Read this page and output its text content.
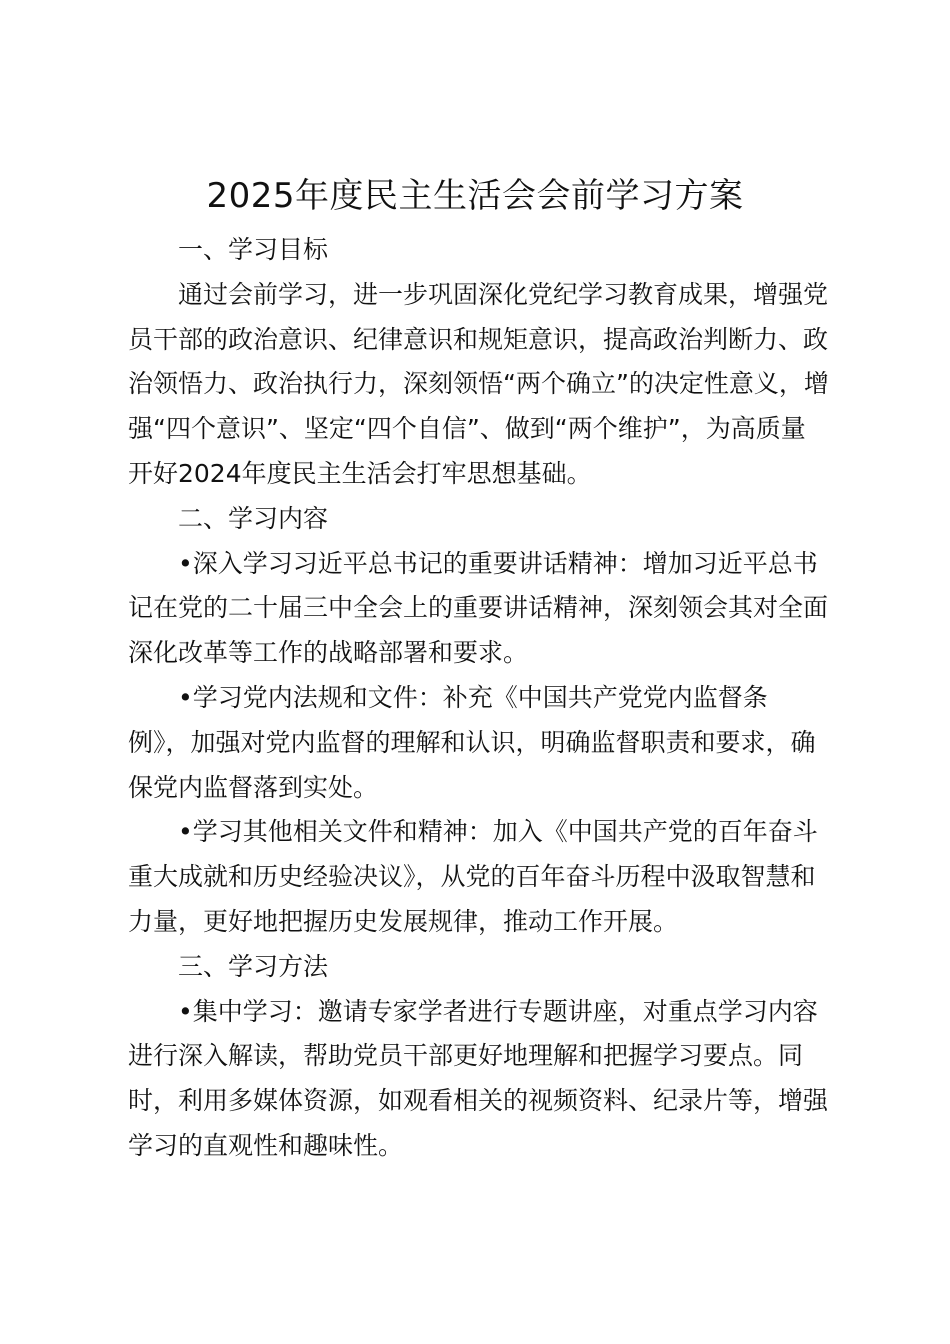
2025年度民主生活会会前学习方案

一、学习目标

通过会前学习，进一步巩固深化党纪学习教育成果，增强党员干部的政治意识、纪律意识和规矩意识，提高政治判断力、政治领悟力、政治执行力，深刻领悟“两个确立”的决定性意义，增强“四个意识”、坚定“四个自信”、做到“两个维护”，为高质量开好2024年度民主生活会打牢思想基础。

二、学习内容

•深入学习习近平总书记的重要讲话精神：增加习近平总书记在党的二十届三中全会上的重要讲话精神，深刻领会其对全面深化改革等工作的战略部署和要求。

•学习党内法规和文件：补充《中国共产党党内监督条例》，加强对党内监督的理解和认识，明确监督职责和要求，确保党内监督落到实处。

•学习其他相关文件和精神：加入《中国共产党的百年奋斗重大成就和历史经验决议》，从党的百年奋斗历程中汲取智慧和力量，更好地把握历史发展规律，推动工作开展。

三、学习方法

•集中学习：邀请专家学者进行专题讲座，对重点学习内容进行深入解读，帮助党员干部更好地理解和把握学习要点。同时，利用多媒体资源，如观看相关的视频资料、纪录片等，增强学习的直观性和趣味性。
